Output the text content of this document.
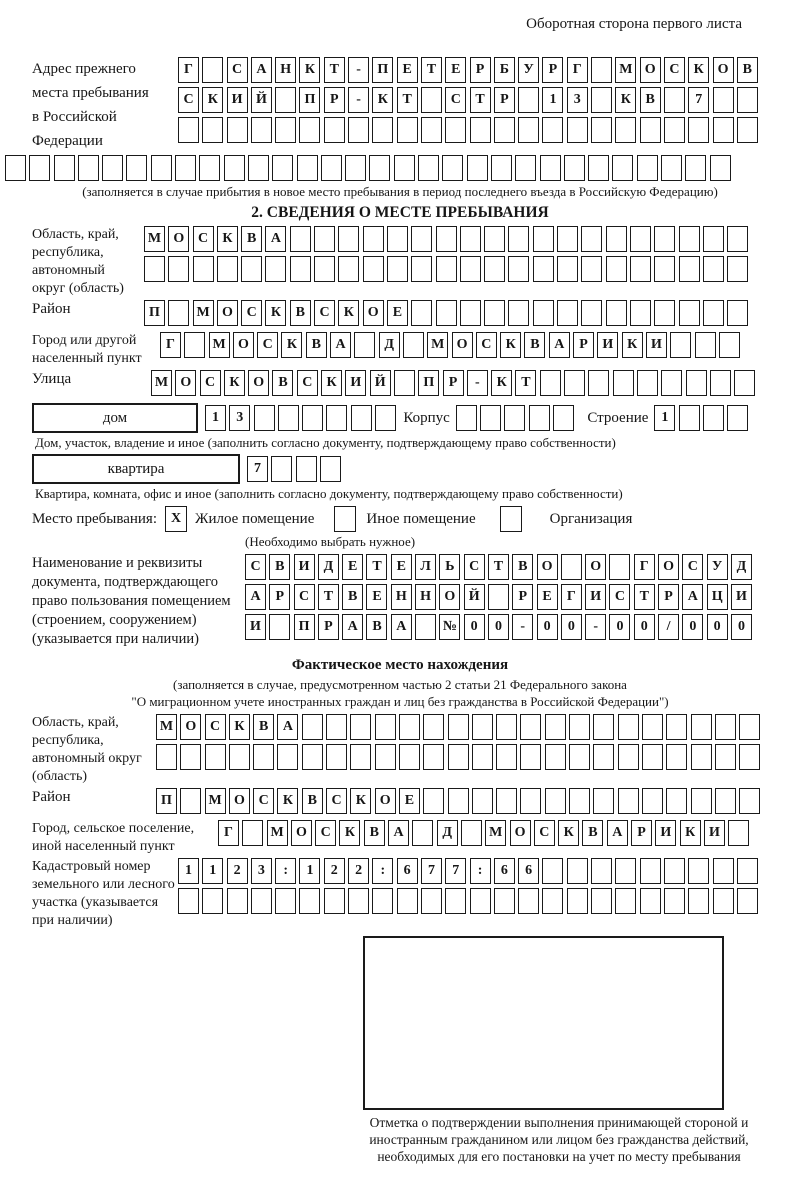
Оборотная сторона первого листа
Адрес прежнего места пребывания в Российской Федерации
Г	С	А Н К	Т	-	П	Е	Т	Е	Р	Б	У	Р	Г	М О С	К О	В
С	К И Й	П	Р	-	К	Т	С	Т	Р	1	3	К	В	7
(заполняется в случае прибытия в новое место пребывания в период последнего въезда в Российскую Федерацию)
2. СВЕДЕНИЯ О МЕСТЕ ПРЕБЫВАНИЯ
Область, край, республика, автономный округ (область)
М О С	К	В	А
Район	П	М О С	К	В	С	К О	Е
Город или другой населенный пункт
Г	М О С	К	В	А	Д	М О С	К	В	А	Р	И К И
Улица	М О С	К О	В	С	К И Й	П	Р	-	К	Т
дом	1	3	Корпус	Строение 1
Дом, участок, владение и иное (заполнить согласно документу, подтверждающему право собственности)
квартира	7
Квартира, комната, офис и иное (заполнить согласно документу, подтверждающему право собственности)
Место пребывания: X Жилое помещение	Иное помещение	Организация
(Необходимо выбрать нужное)
Наименование и реквизиты документа, подтверждающего право пользования помещением (строением, сооружением) (указывается при наличии)
С	В	И	Д	Е	Т	Е	Л	Ь	С	Т	В	О	О	Г	О С	У	Д
А	Р	С	Т	В	Е	Н Н О Й	Р	Е	Г	И С	Т	Р	А Ц И
И	П	Р	А	В	А	№ 0	0	-	0	0	-	0	0	/	0	0	0
Фактическое место нахождения
(заполняется в случае, предусмотренном частью 2 статьи 21 Федерального закона
"О миграционном учете иностранных граждан и лиц без гражданства в Российской Федерации")
Область, край, республика, автономный округ (область)
М О С	К	В	А
Район	П	М О С	К	В	С	К О	Е
Город, сельское поселение, иной населенный пункт
Г	М О С	К	В	А	Д	М О С	К	В	А	Р	И К И
Кадастровый номер земельного или лесного участка (указывается при наличии)
1	1	2	3	:	1	2	2	:	6	7	7	:	6	6
Отметка о подтверждении выполнения принимающей стороной и иностранным гражданином или лицом без гражданства действий, необходимых для его постановки на учет по месту пребывания
